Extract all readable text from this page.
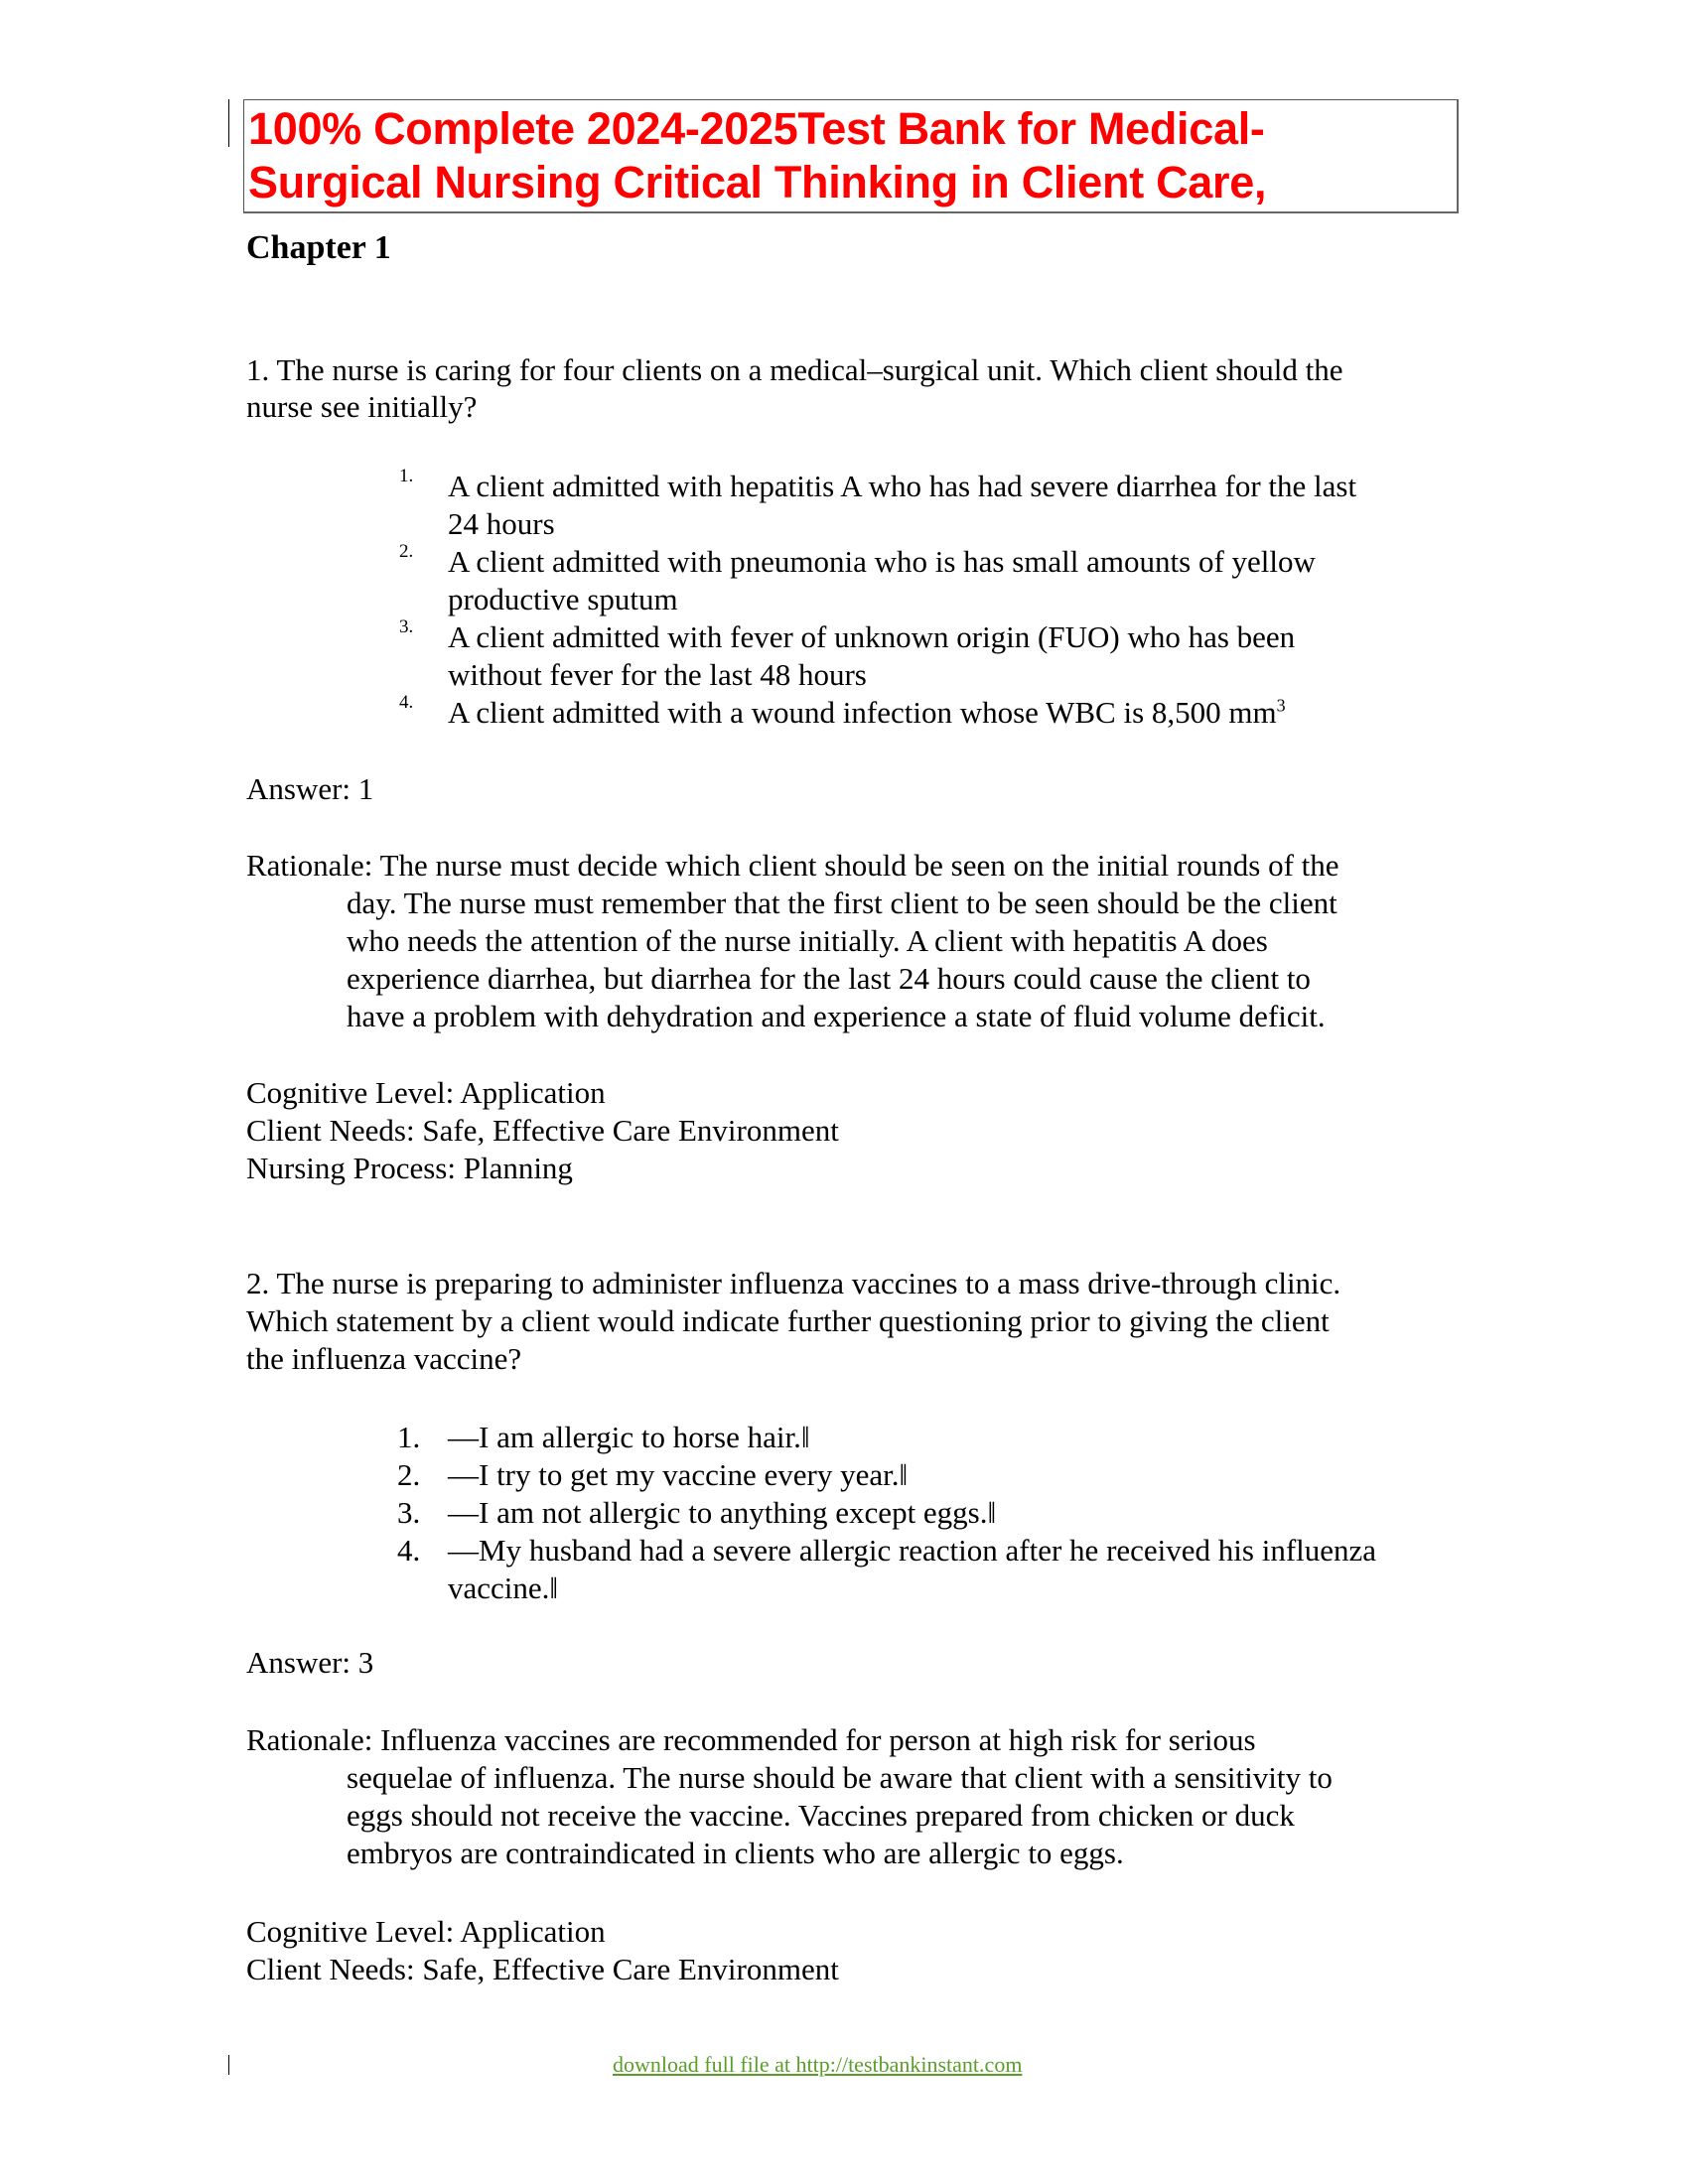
100% Complete 2024-2025Test Bank for Medical-
Surgical Nursing Critical Thinking in Client Care,
Chapter 1
1. The nurse is caring for four clients on a medical–surgical unit. Which client should the
nurse see initially?
1. A client admitted with hepatitis A who has had severe diarrhea for the last
24 hours
2. A client admitted with pneumonia who is has small amounts of yellow
productive sputum
3. A client admitted with fever of unknown origin (FUO) who has been
without fever for the last 48 hours
4. A client admitted with a wound infection whose WBC is 8,500 $mm^3$
Answer: 1
Rationale: The nurse must decide which client should be seen on the initial rounds of the
day. The nurse must remember that the first client to be seen should be the client
who needs the attention of the nurse initially. A client with hepatitis A does
experience diarrhea, but diarrhea for the last 24 hours could cause the client to
have a problem with dehydration and experience a state of fluid volume deficit.
Cognitive Level: Application
Client Needs: Safe, Effective Care Environment
Nursing Process: Planning
2. The nurse is preparing to administer influenza vaccines to a mass drive-through clinic.
Which statement by a client would indicate further questioning prior to giving the client
the influenza vaccine?
1. —I am allergic to horse hair.‖
2. —I try to get my vaccine every year.‖
3. —I am not allergic to anything except eggs.‖
4. —My husband had a severe allergic reaction after he received his influenza
vaccine.‖
Answer: 3
Rationale: Influenza vaccines are recommended for person at high risk for serious
sequelae of influenza. The nurse should be aware that client with a sensitivity to
eggs should not receive the vaccine. Vaccines prepared from chicken or duck
embryos are contraindicated in clients who are allergic to eggs.
Cognitive Level: Application
Client Needs: Safe, Effective Care Environment
download full file at http://testbankinstant.com
